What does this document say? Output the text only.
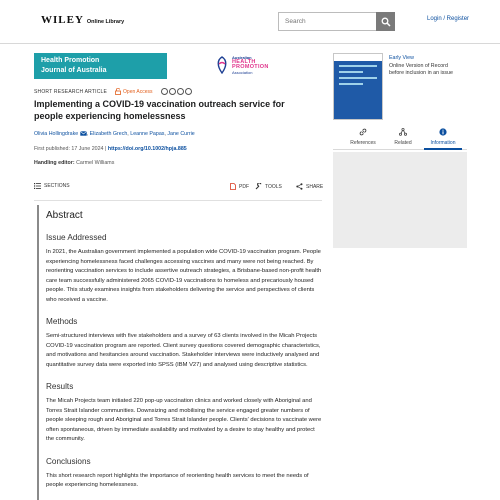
WILEY Online Library
Search	Login / Register
Health Promotion
Journal of Australia
Australian
HEALTH
PROMOTION
Association
SHORT RESEARCH ARTICLE	Open Access
Implementing a COVID-19 vaccination outreach service for people experiencing homelessness
Olivia Hollingdrake , Elizabeth Grech, Leanne Papas, Jane Currie
First published: 17 June 2024 | https://doi.org/10.1002/hpja.885
Handling editor: Carmel Williams
SECTIONS	PDF	TOOLS	SHARE
Abstract
Issue Addressed

In 2021, the Australian government implemented a population wide COVID-19 vaccination program. People experiencing homelessness faced challenges accessing vaccines and many were not being reached. By reorienting vaccination services to include assertive outreach strategies, a Brisbane-based non-profit health care team successfully administered 2065 COVID-19 vaccinations to homeless and precariously housed people. This study examines insights from stakeholders delivering the service and perspectives of clients who received a vaccine.

Methods

Semi-structured interviews with five stakeholders and a survey of 63 clients involved in the Micah Projects COVID-19 vaccination program are reported. Client survey questions covered demographic characteristics, and motivations and hesitancies around vaccination. Stakeholder interviews were inductively analysed and quantitative survey data were exported into SPSS (IBM V27) and analysed using descriptive statistics.

Results

The Micah Projects team initiated 220 pop-up vaccination clinics and worked closely with Aboriginal and Torres Strait Islander communities. Downsizing and mobilising the service engaged greater numbers of people sleeping rough and Aboriginal and Torres Strait Islander people. Clients' decisions to vaccinate were often spontaneous, driven by immediate availability and motivated by a desire to stay healthy and protect the community.

Conclusions

This short research report highlights the importance of reorienting health services to meet the needs of people experiencing homelessness.

Early View
Online Version of Record
before inclusion in an issue
References	Related	Information
